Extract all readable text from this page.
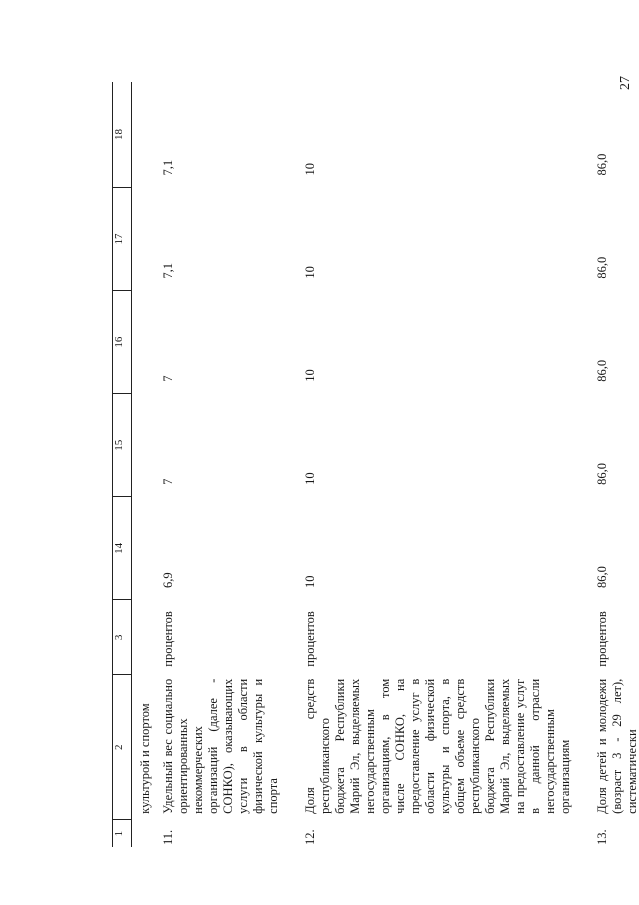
27
1	2	3	14	15	16	17	18
	культурой и спортом						
11.	Удельный вес социально ориентированных некоммерческих организаций (далее - СОНКО), оказывающих услуги в области физической культуры и спорта	процентов	6,9	7	7	7,1	7,1
12.	Доля средств республиканского бюджета Республики Марий Эл, выделяемых негосударственным организациям, в том числе СОНКО, на предоставление услуг в области физической культуры и спорта, в общем объеме средств республиканского бюджета Республики Марий Эл, выделяемых на предоставление услуг в данной отрасли негосударственным организациям	процентов	10	10	10	10	10
13.	Доля детей и молодежи (возраст 3 - 29 лет), систематически	процентов	86,0	86,0	86,0	86,0	86,0
